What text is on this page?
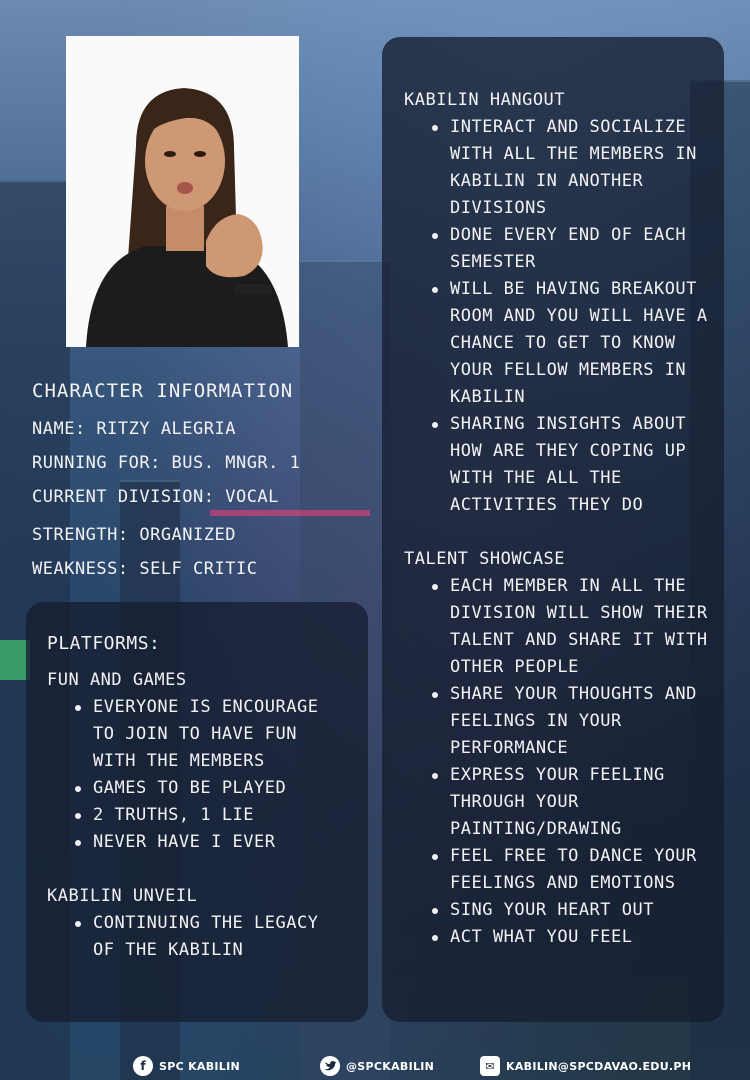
CHARACTER INFORMATION
NAME: RITZY ALEGRIA
RUNNING FOR: BUS. MNGR. 1
CURRENT DIVISION: VOCAL
STRENGTH: ORGANIZED
WEAKNESS: SELF CRITIC
PLATFORMS:
FUN AND GAMES
EVERYONE IS ENCOURAGE TO JOIN TO HAVE FUN WITH THE MEMBERS
GAMES TO BE PLAYED
2 TRUTHS, 1 LIE
NEVER HAVE I EVER
KABILIN UNVEIL
CONTINUING THE LEGACY OF THE KABILIN
KABILIN HANGOUT
INTERACT AND SOCIALIZE WITH ALL THE MEMBERS IN KABILIN IN ANOTHER DIVISIONS
DONE EVERY END OF EACH SEMESTER
WILL BE HAVING BREAKOUT ROOM AND YOU WILL HAVE A CHANCE TO GET TO KNOW YOUR FELLOW MEMBERS IN KABILIN
SHARING INSIGHTS ABOUT HOW ARE THEY COPING UP WITH THE ALL THE ACTIVITIES THEY DO
TALENT SHOWCASE
EACH MEMBER IN ALL THE DIVISION WILL SHOW THEIR TALENT AND SHARE IT WITH OTHER PEOPLE
SHARE YOUR THOUGHTS AND FEELINGS IN YOUR PERFORMANCE
EXPRESS YOUR FEELING THROUGH YOUR PAINTING/DRAWING
FEEL FREE TO DANCE YOUR FEELINGS AND EMOTIONS
SING YOUR HEART OUT
ACT WHAT YOU FEEL
f	SPC KABILIN	@SPCKABILIN	✉	KABILIN@SPCDAVAO.EDU.PH
